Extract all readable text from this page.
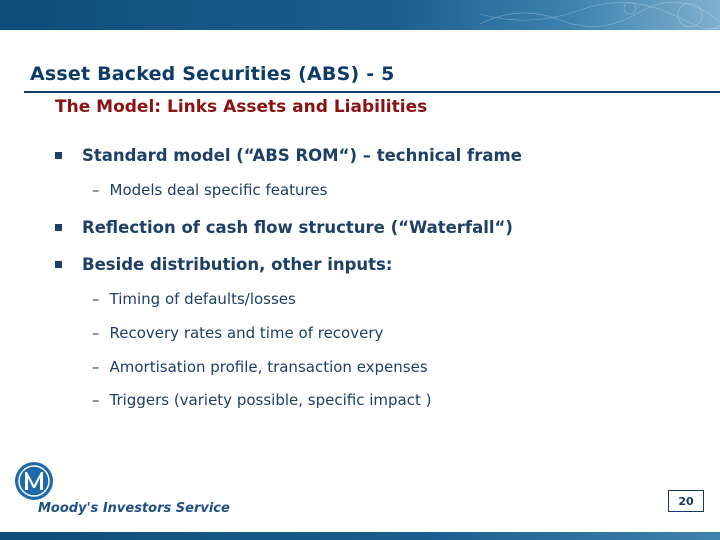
Asset Backed Securities (ABS) - 5
The Model: Links Assets and Liabilities
Standard model (“ABS ROM“) – technical frame
– Models deal specific features
Reflection of cash flow structure (“Waterfall“)
Beside distribution, other inputs:
– Timing of defaults/losses
– Recovery rates and time of recovery
– Amortisation profile, transaction expenses
– Triggers (variety possible, specific impact )
Moody's Investors Service	20
